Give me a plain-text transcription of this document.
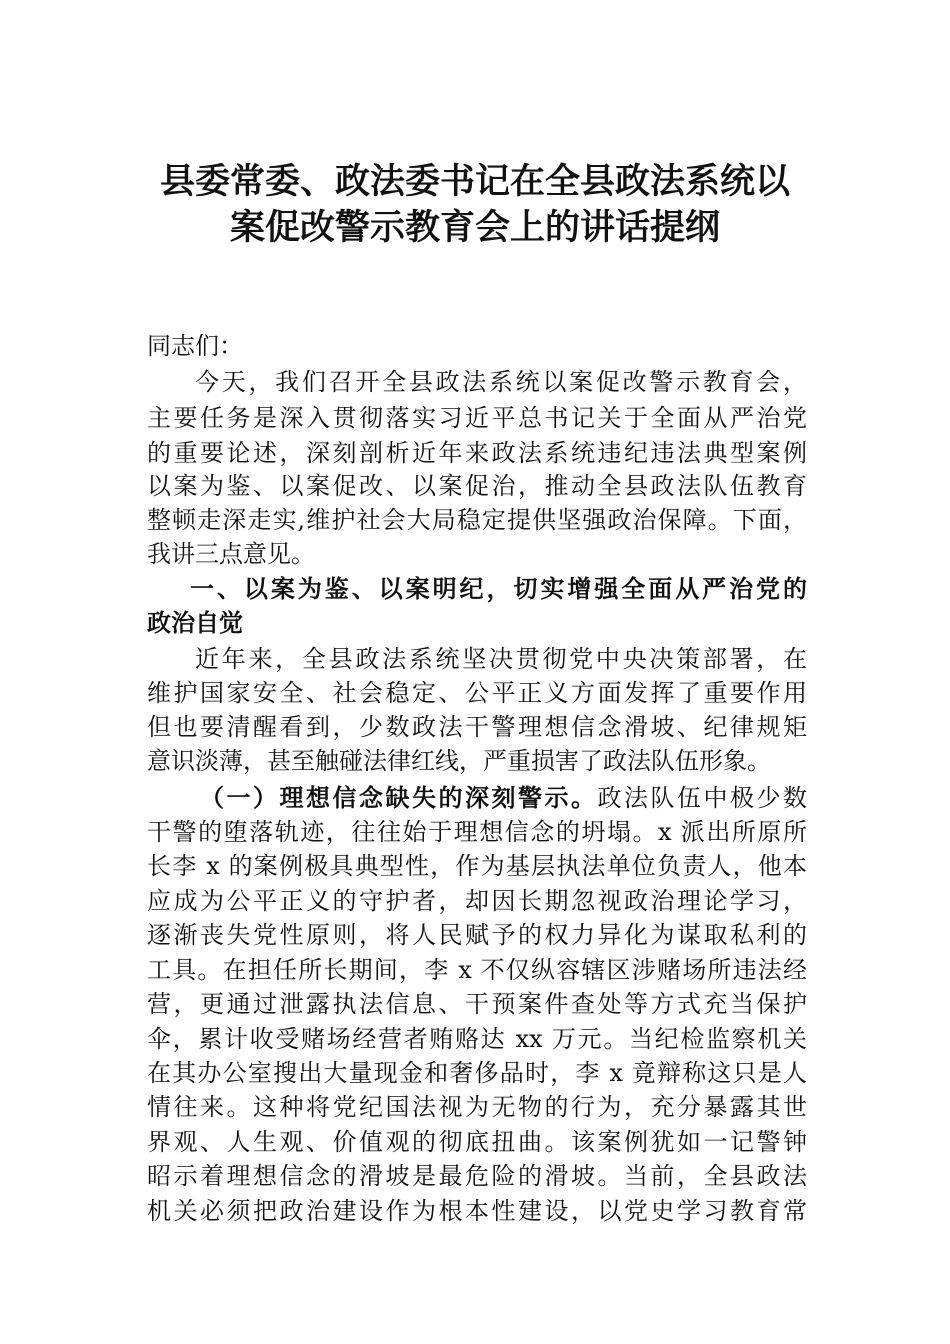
县委常委、政法委书记在全县政法系统以
案促改警示教育会上的讲话提纲
同志们：
今天，我们召开全县政法系统以案促改警示教育会，
主要任务是深入贯彻落实习近平总书记关于全面从严治党
的重要论述，深刻剖析近年来政法系统违纪违法典型案例
以案为鉴、以案促改、以案促治，推动全县政法队伍教育
整顿走深走实,维护社会大局稳定提供坚强政治保障。下面，
我讲三点意见。
一、以案为鉴、以案明纪，切实增强全面从严治党的
政治自觉
近年来，全县政法系统坚决贯彻党中央决策部署，在
维护国家安全、社会稳定、公平正义方面发挥了重要作用
但也要清醒看到，少数政法干警理想信念滑坡、纪律规矩
意识淡薄，甚至触碰法律红线，严重损害了政法队伍形象。
（一）理想信念缺失的深刻警示。政法队伍中极少数
干警的堕落轨迹，往往始于理想信念的坍塌。x 派出所原所
长李 x 的案例极具典型性，作为基层执法单位负责人，他本
应成为公平正义的守护者，却因长期忽视政治理论学习，
逐渐丧失党性原则，将人民赋予的权力异化为谋取私利的
工具。在担任所长期间，李 x 不仅纵容辖区涉赌场所违法经
营，更通过泄露执法信息、干预案件查处等方式充当保护
伞，累计收受赌场经营者贿赂达 xx 万元。当纪检监察机关
在其办公室搜出大量现金和奢侈品时，李 x 竟辩称这只是人
情往来。这种将党纪国法视为无物的行为，充分暴露其世
界观、人生观、价值观的彻底扭曲。该案例犹如一记警钟
昭示着理想信念的滑坡是最危险的滑坡。当前，全县政法
机关必须把政治建设作为根本性建设，以党史学习教育常
